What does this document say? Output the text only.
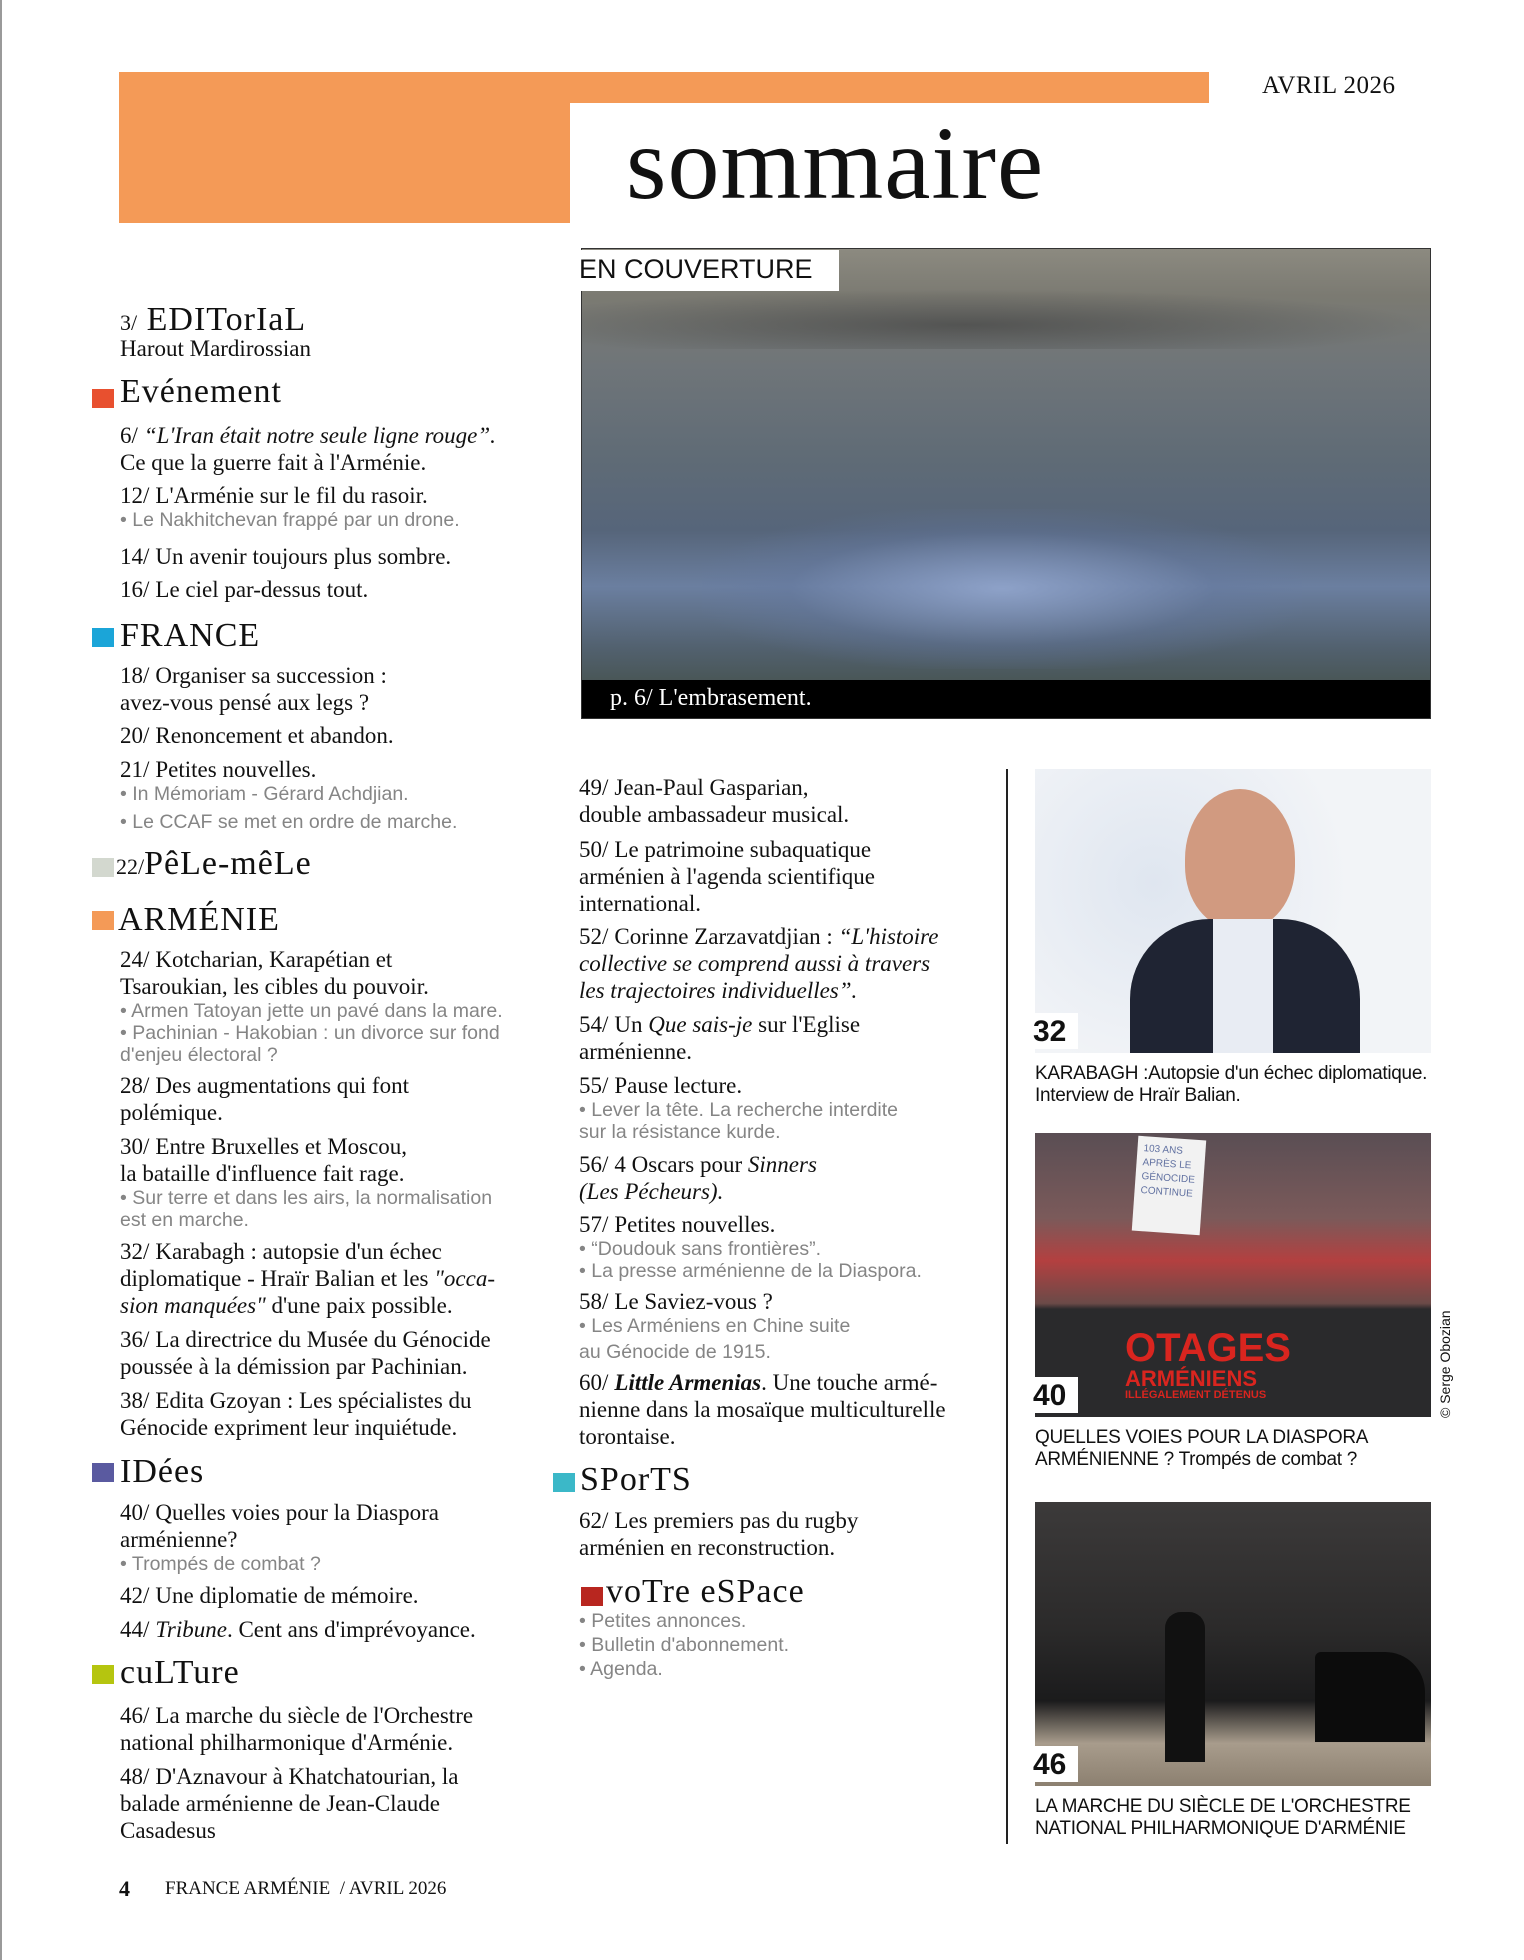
AVRIL 2026
sommaire
EN COUVERTURE
p. 6/ L'embrasement.
3/ EDITorIaL
Harout Mardirossian
Evénement
6/ “L'Iran était notre seule ligne rouge”.
Ce que la guerre fait à l'Arménie.
12/ L'Arménie sur le fil du rasoir.
• Le Nakhitchevan frappé par un drone.
14/ Un avenir toujours plus sombre.
16/ Le ciel par-dessus tout.
FRANCE
18/ Organiser sa succession :
avez-vous pensé aux legs ?
20/ Renoncement et abandon.
21/ Petites nouvelles.
• In Mémoriam - Gérard Achdjian.
• Le CCAF se met en ordre de marche.
22/PêLe-mêLe
ARMÉNIE
24/ Kotcharian, Karapétian et
Tsaroukian, les cibles du pouvoir.
• Armen Tatoyan jette un pavé dans la mare.
• Pachinian - Hakobian : un divorce sur fond
d'enjeu électoral ?
28/ Des augmentations qui font
polémique.
30/ Entre Bruxelles et Moscou,
la bataille d'influence fait rage.
• Sur terre et dans les airs, la normalisation
est en marche.
32/ Karabagh : autopsie d'un échec
diplomatique - Hraïr Balian et les "occa-
sion manquées" d'une paix possible.
36/ La directrice du Musée du Génocide
poussée à la démission par Pachinian.
38/ Edita Gzoyan : Les spécialistes du
Génocide expriment leur inquiétude.
IDées
40/ Quelles voies pour la Diaspora
arménienne?
• Trompés de combat ?
42/ Une diplomatie de mémoire.
44/ Tribune. Cent ans d'imprévoyance.
cuLTure
46/ La marche du siècle de l'Orchestre
national philharmonique d'Arménie.
48/ D'Aznavour à Khatchatourian, la
balade arménienne de Jean-Claude
Casadesus
49/ Jean-Paul Gasparian,
double ambassadeur musical.
50/ Le patrimoine subaquatique
arménien à l'agenda scientifique
international.
52/ Corinne Zarzavatdjian : “L'histoire
collective se comprend aussi à travers
les trajectoires individuelles”.
54/ Un Que sais-je sur l'Eglise
arménienne.
55/ Pause lecture.
• Lever la tête. La recherche interdite
sur la résistance kurde.
56/ 4 Oscars pour Sinners
(Les Pécheurs).
57/ Petites nouvelles.
• “Doudouk sans frontières”.
• La presse arménienne de la Diaspora.
58/ Le Saviez-vous ?
• Les Arméniens en Chine suite
au Génocide de 1915.
60/ Little Armenias. Une touche armé-
nienne dans la mosaïque multiculturelle
torontaise.
SPorTS
62/ Les premiers pas du rugby
arménien en reconstruction.
voTre eSPace
• Petites annonces.
• Bulletin d'abonnement.
• Agenda.
32
KARABAGH :Autopsie d'un échec diplomatique.
Interview de Hraïr Balian.
103 ANS APRÈS LE GÉNOCIDE CONTINUE
OTAGES
ARMÉNIENS
ILLÉGALEMENT DÉTENUS
40	© Serge Obozian
QUELLES VOIES POUR LA DIASPORA
ARMÉNIENNE ? Trompés de combat ?
46
LA MARCHE DU SIÈCLE DE L'ORCHESTRE
NATIONAL PHILHARMONIQUE D'ARMÉNIE
4 FRANCE ARMÉNIE / AVRIL 2026
